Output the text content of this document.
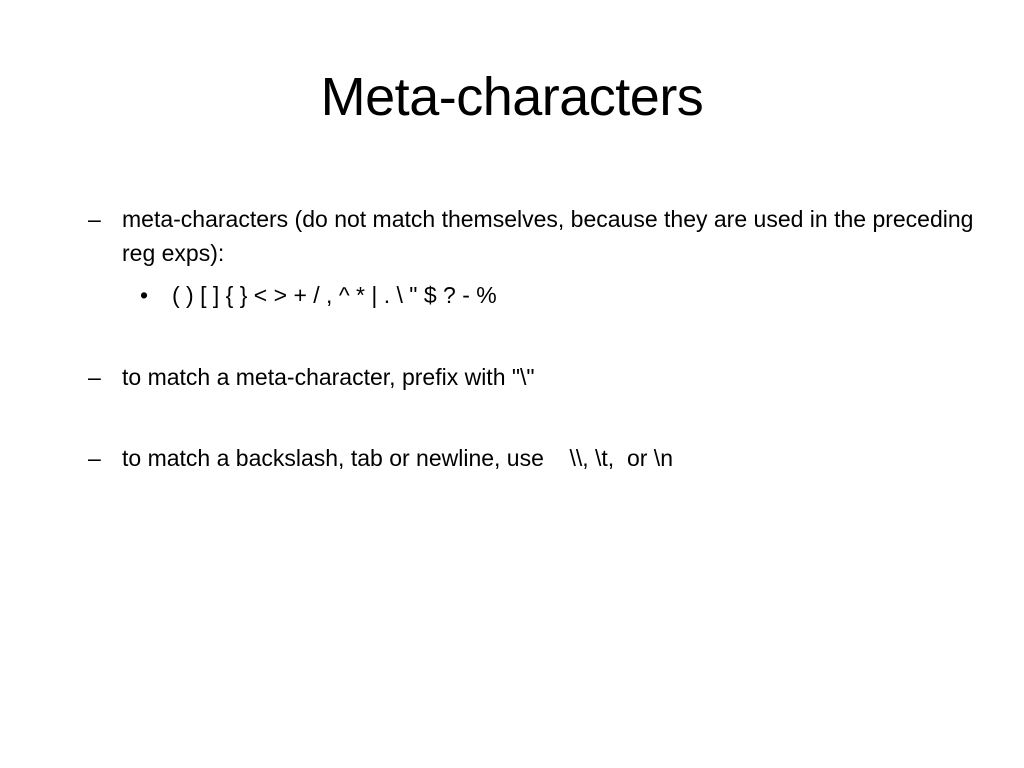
Meta-characters
– meta-characters (do not match themselves, because they are used in the preceding reg exps):
• ( ) [ ] { } < > + / , ^ * | . \ " $ ? - %
– to match a meta-character, prefix with "\"
– to match a backslash, tab or newline, use    \\, \t,  or \n
